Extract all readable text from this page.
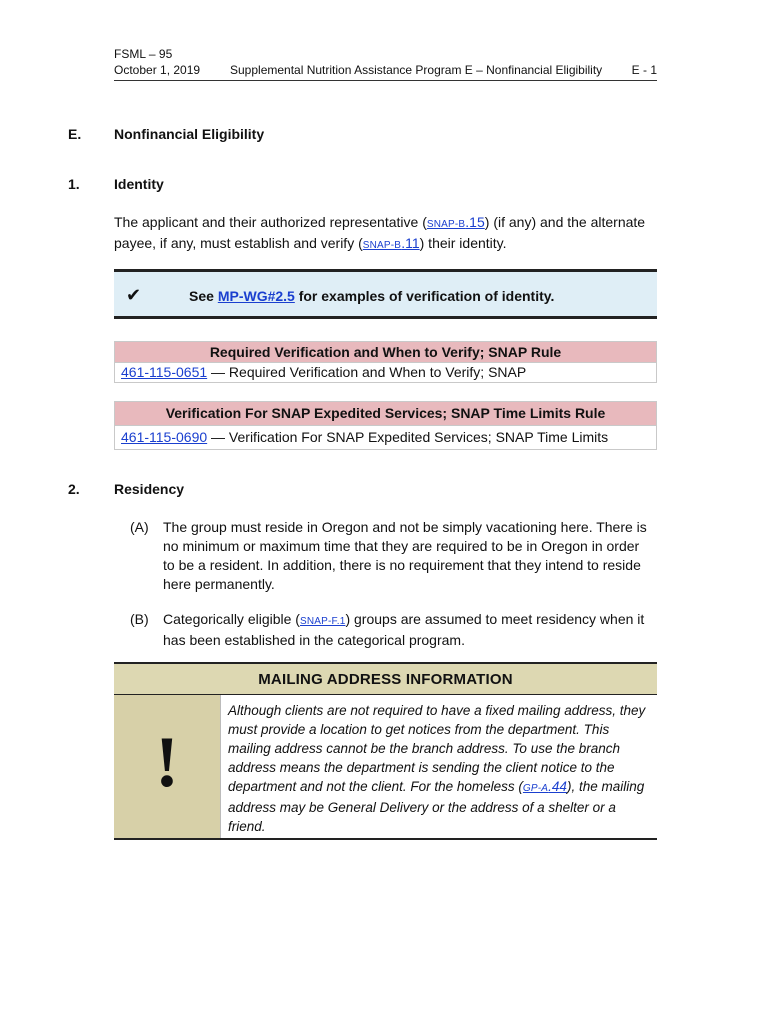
FSML – 95
October 1, 2019	Supplemental Nutrition Assistance Program E – Nonfinancial Eligibility	E - 1
E. Nonfinancial Eligibility
1. Identity
The applicant and their authorized representative (SNAP-B.15) (if any) and the alternate payee, if any, must establish and verify (SNAP-B.11) their identity.
✔	See MP-WG#2.5 for examples of verification of identity.
Required Verification and When to Verify; SNAP Rule
461-115-0651 — Required Verification and When to Verify; SNAP
Verification For SNAP Expedited Services; SNAP Time Limits Rule
461-115-0690 — Verification For SNAP Expedited Services; SNAP Time Limits
2. Residency
(A) The group must reside in Oregon and not be simply vacationing here. There is no minimum or maximum time that they are required to be in Oregon in order to be a resident. In addition, there is no requirement that they intend to reside here permanently.
(B) Categorically eligible (SNAP-F.1) groups are assumed to meet residency when it has been established in the categorical program.
MAILING ADDRESS INFORMATION
!
Although clients are not required to have a fixed mailing address, they must provide a location to get notices from the department. This mailing address cannot be the branch address. To use the branch address means the department is sending the client notice to the department and not the client. For the homeless (GP-A.44), the mailing address may be General Delivery or the address of a shelter or a friend.
